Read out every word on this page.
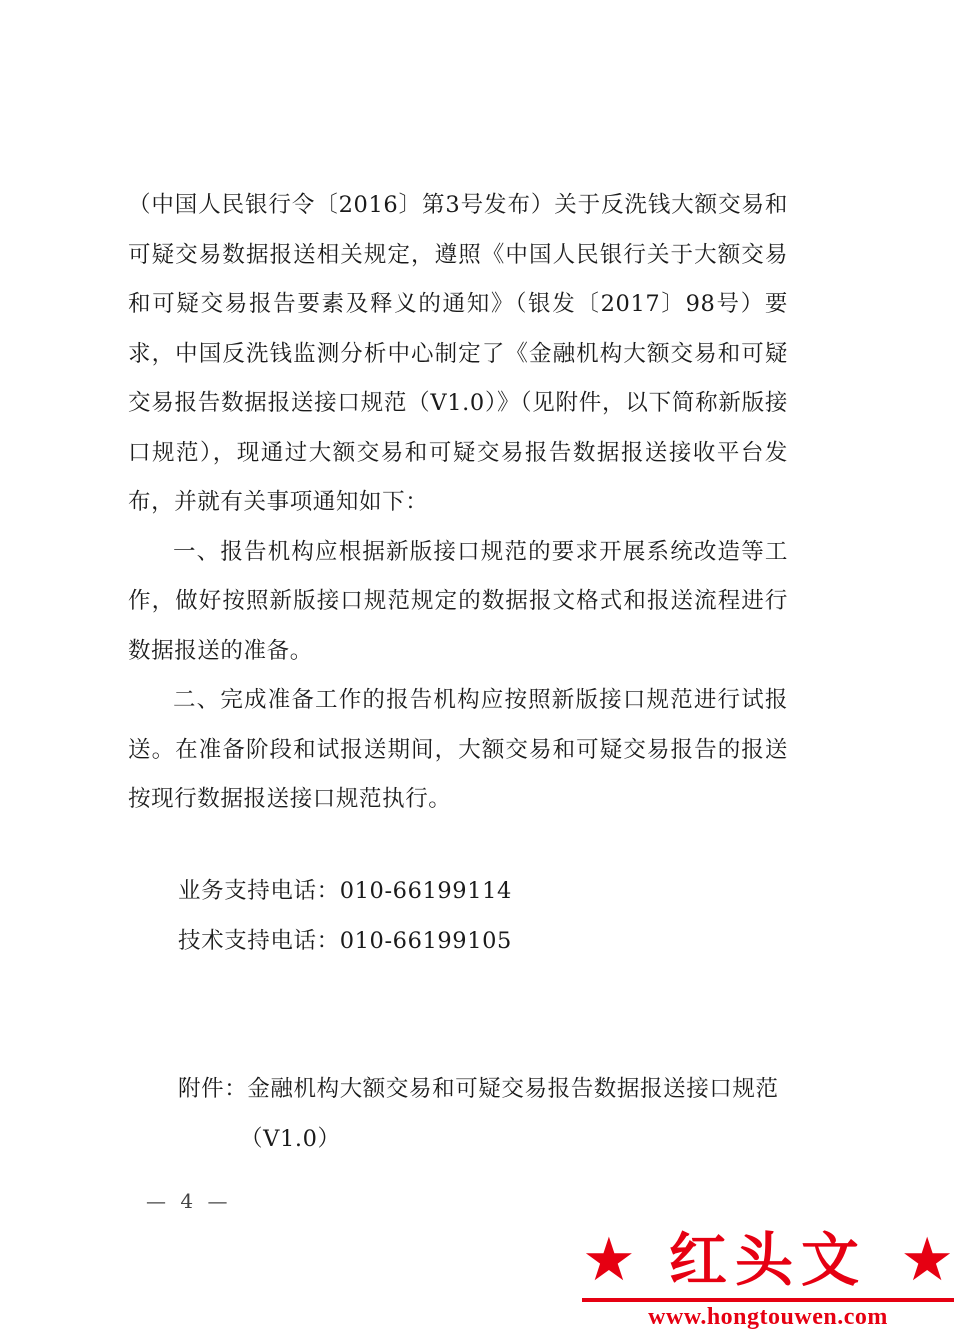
（中国人民银行令〔2016〕第3号发布）关于反洗钱大额交易和可疑交易数据报送相关规定，遵照《中国人民银行关于大额交易和可疑交易报告要素及释义的通知》（银发〔2017〕98号）要求，中国反洗钱监测分析中心制定了《金融机构大额交易和可疑交易报告数据报送接口规范（V1.0）》（见附件，以下简称新版接口规范），现通过大额交易和可疑交易报告数据报送接收平台发布，并就有关事项通知如下：

一、报告机构应根据新版接口规范的要求开展系统改造等工作，做好按照新版接口规范规定的数据报文格式和报送流程进行数据报送的准备。

二、完成准备工作的报告机构应按照新版接口规范进行试报送。在准备阶段和试报送期间，大额交易和可疑交易报告的报送按现行数据报送接口规范执行。

业务支持电话：010-66199114
技术支持电话：010-66199105
附件：金融机构大额交易和可疑交易报告数据报送接口规范
（V1.0）
— 4 —
★ 红头文 ★
www.hongtouwen.com
